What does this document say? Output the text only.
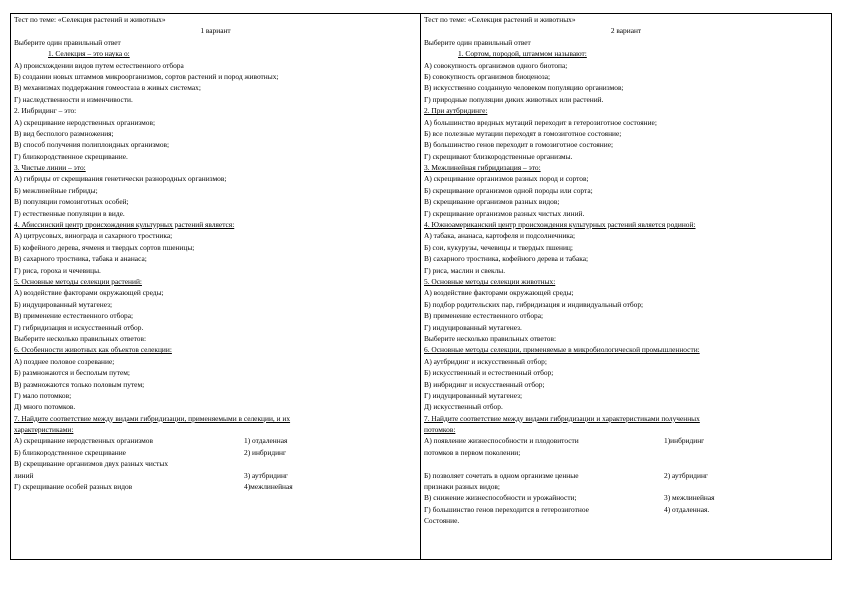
Тест по теме: «Селекция растений и животных»
1 вариант
Выберите один правильный ответ
1. Селекция – это наука о:
А) происхождении видов путем естественного отбора
Б) создании новых штаммов микроорганизмов, сортов растений и пород животных;
В) механизмах поддержания гомеостаза в живых системах;
Г) наследственности и изменчивости.
2. Инбридинг – это:
А) скрещивание неродственных организмов;
В) вид бесполого размножения;
В) способ получения полиплоидных организмов;
Г) близкородственное скрещивание.
3. Чистые линии – это:
А) гибриды от скрещивания генетически разнородных организмов;
Б) межлинейные гибриды;
В) популяции гомозиготных особей;
Г) естественные популяции в виде.
4. Абиссинский центр происхождения культурных растений является:
А) цитрусовых, винограда и сахарного тростника;
Б) кофейного дерева, ячменя и твердых сортов пшеницы;
В) сахарного тростника, табака и ананаса;
Г) риса, гороха и чечевицы.
5. Основные методы селекции растений:
А) воздействие факторами окружающей среды;
Б) индуцированный мутагенез;
В) применение естественного отбора;
Г) гибридизация и искусственный отбор.
Выберите несколько правильных ответов:
6. Особенности животных как объектов селекции:
А) позднее половое созревание;
Б) размножаются и бесполым путем;
В) размножаются только половым путем;
Г) мало потомков;
Д) много потомков.
7. Найдите соответствие между видами гибридизации, применяемыми в селекции, и их
характеристиками:
А) скрещивание неродственных организмов	1) отдаленная
Б) близкородственное скрещивание	2) инбридинг
В) скрещивание организмов двух разных чистых
линий	3) аутбридинг
Г) скрещивание особей разных видов	4)межлинейная
Тест по теме: «Селекция растений и животных»
2 вариант
Выберите один правильный ответ
1. Сортом, породой, штаммом называют:
А) совокупность организмов одного биотопа;
Б) совокупность организмов биоценоза;
В) искусственно созданную человеком популяцию организмов;
Г) природные популяции диких животных или растений.
2. При аутбридинге:
А) большинство вредных мутаций переходит в гетерозиготное состояние;
Б) все полезные мутации переходят в гомозиготное состояние;
В) большинство генов переходит в гомозиготное состояние;
Г) скрещивают близкородственные организмы.
3. Межлинейная гибридизация – это:
А) скрещивание организмов разных пород и сортов;
Б) скрещивание организмов одной породы или сорта;
В) скрещивание организмов разных видов;
Г) скрещивание организмов разных чистых линий.
4. Южноамериканский центр происхождения культурных растений является родиной:
А) табака, ананаса, картофеля и подсолнечника;
Б) сои, кукурузы, чечевицы и твердых пшениц;
В) сахарного тростника, кофейного дерева и табака;
Г) риса, маслин и свеклы.
5. Основные методы селекции животных:
А) воздействие факторами окружающей среды;
Б) подбор родительских пар, гибридизация и индивидуальный отбор;
В) применение естественного отбора;
Г) индуцированный мутагенез.
Выберите несколько правильных ответов:
6. Основные методы селекции, применяемые в микробиологической промышленности:
А) аутбридинг и искусственный отбор;
Б) искусственный и естественный отбор;
В) инбридинг и искусственный отбор;
Г) индуцированный мутагенез;
Д) искусственный отбор.
7. Найдите соответствие между видами гибридизации и характеристиками полученных
потомков:
А) появление жизнеспособности и плодовитости	1)инбридинг
потомков в первом поколении;
Б) позволяет сочетать в одном организме ценные	2) аутбридинг
признаки разных видов;
В) снижение жизнеспособности и урожайности;	3) межлинейная
Г) большинство генов переходится в гетерозиготное	4) отдаленная.
Состояние.
